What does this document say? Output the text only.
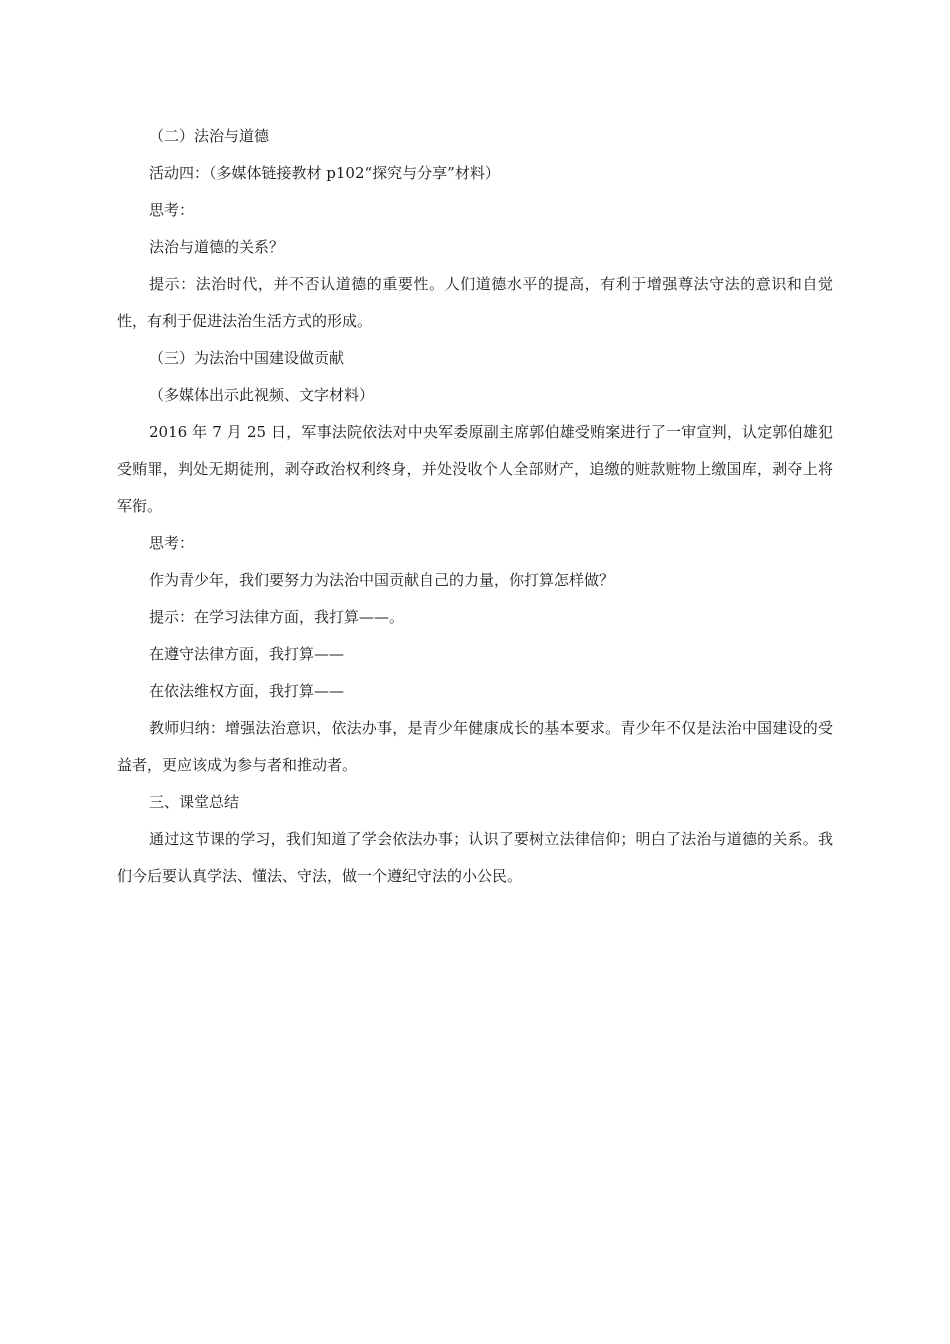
（二）法治与道德

活动四：（多媒体链接教材 p102“探究与分享”材料）

思考：

法治与道德的关系？

提示：法治时代，并不否认道德的重要性。人们道德水平的提高，有利于增强尊法守法的意识和自觉性，有利于促进法治生活方式的形成。

（三）为法治中国建设做贡献

（多媒体出示此视频、文字材料）

2016 年 7 月 25 日，军事法院依法对中央军委原副主席郭伯雄受贿案进行了一审宣判，认定郭伯雄犯受贿罪，判处无期徒刑，剥夺政治权利终身，并处没收个人全部财产，追缴的赃款赃物上缴国库，剥夺上将军衔。

思考：

作为青少年，我们要努力为法治中国贡献自己的力量，你打算怎样做？

提示：在学习法律方面，我打算——。

在遵守法律方面，我打算——

在依法维权方面，我打算——

教师归纳：增强法治意识，依法办事，是青少年健康成长的基本要求。青少年不仅是法治中国建设的受益者，更应该成为参与者和推动者。

三、课堂总结

通过这节课的学习，我们知道了学会依法办事；认识了要树立法律信仰；明白了法治与道德的关系。我们今后要认真学法、懂法、守法，做一个遵纪守法的小公民。
